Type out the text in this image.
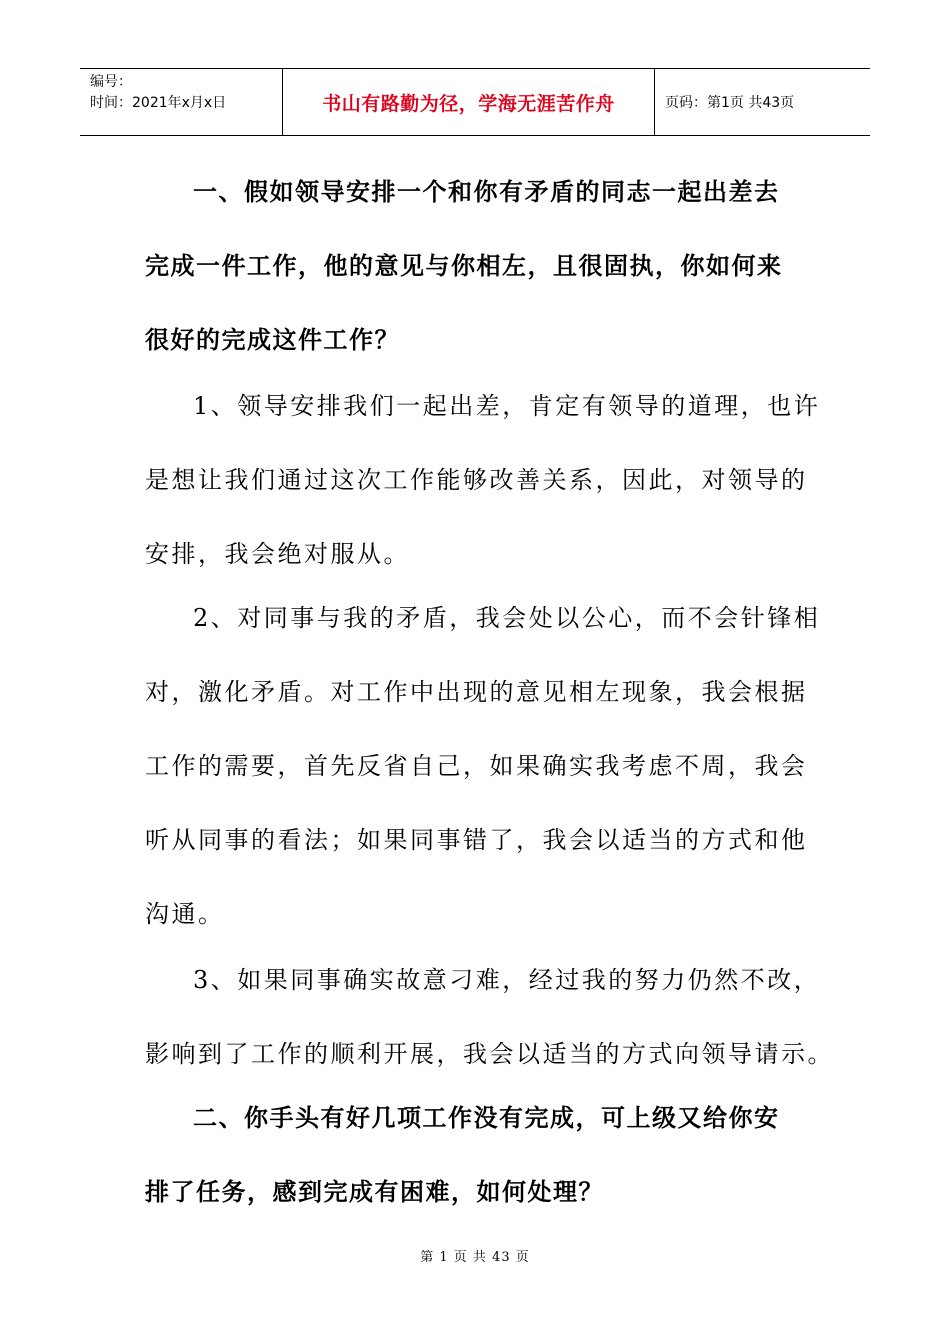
编号：
时间：2021年x月x日	书山有路勤为径，学海无涯苦作舟	页码：第1页 共43页
一、假如领导安排一个和你有矛盾的同志一起出差去
完成一件工作，他的意见与你相左，且很固执，你如何来
很好的完成这件工作？
1、领导安排我们一起出差，肯定有领导的道理，也许
是想让我们通过这次工作能够改善关系，因此，对领导的
安排，我会绝对服从。
2、对同事与我的矛盾，我会处以公心，而不会针锋相
对，激化矛盾。对工作中出现的意见相左现象，我会根据
工作的需要，首先反省自己，如果确实我考虑不周，我会
听从同事的看法；如果同事错了，我会以适当的方式和他
沟通。
3、如果同事确实故意刁难，经过我的努力仍然不改，
影响到了工作的顺利开展，我会以适当的方式向领导请示。
二、你手头有好几项工作没有完成，可上级又给你安
排了任务，感到完成有困难，如何处理？
第 1 页 共 43 页
